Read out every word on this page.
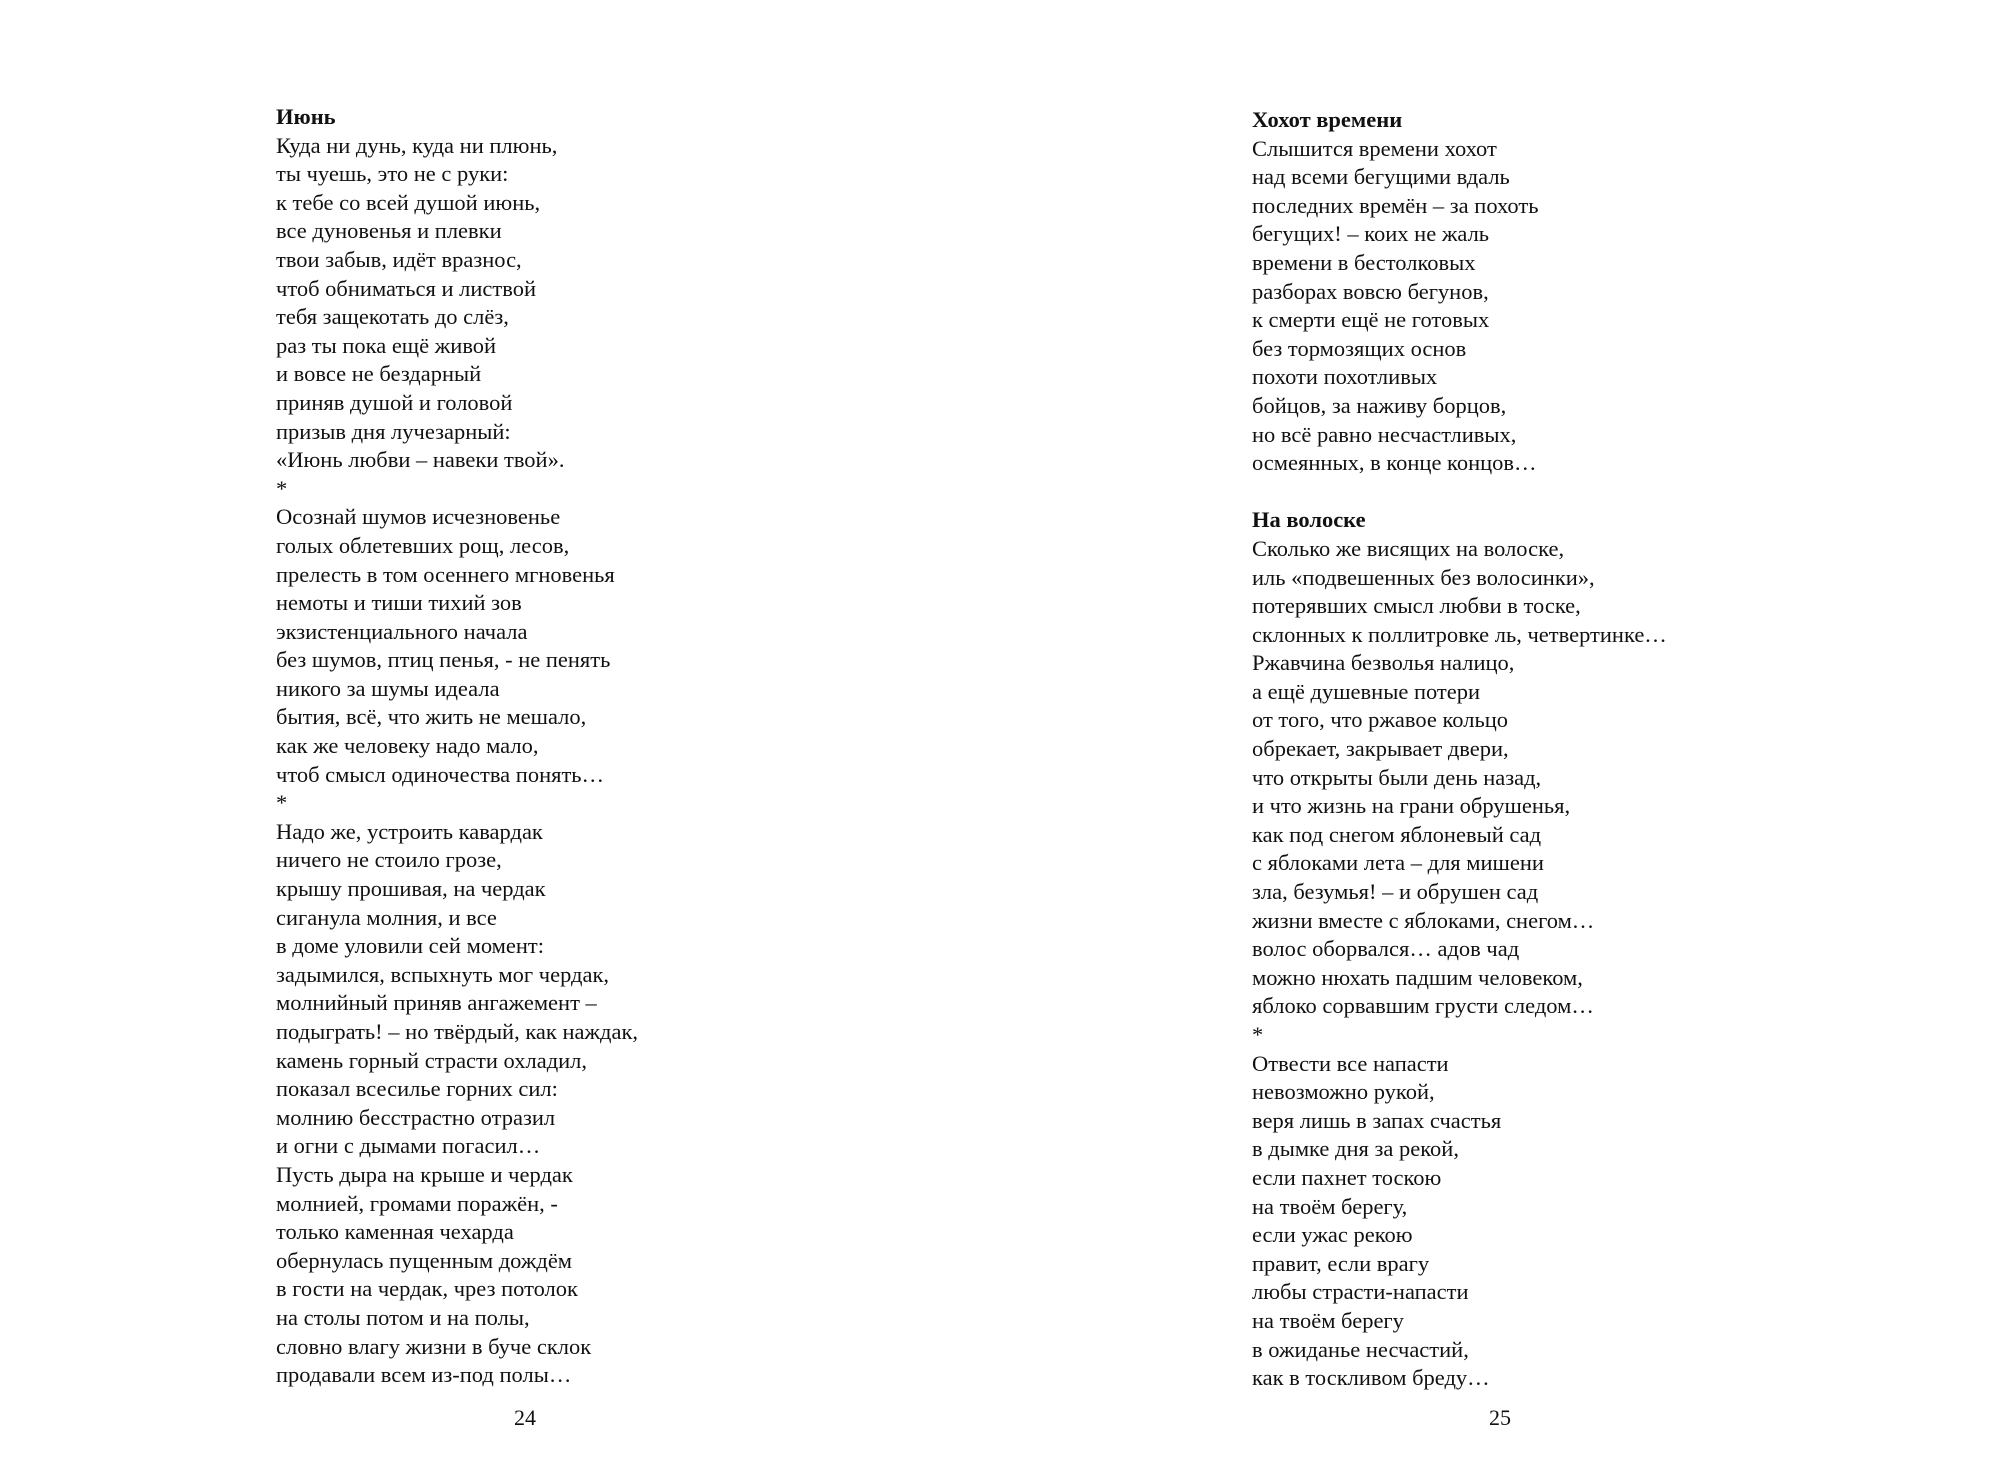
Июнь

Куда ни дунь, куда ни плюнь,
ты чуешь, это не с руки:
к тебе со всей душой июнь,
все дуновенья и плевки
твои забыв, идёт вразнос,
чтоб обниматься и листвой
тебя защекотать до слёз,
раз ты пока ещё живой
и вовсе не бездарный
приняв душой и головой
призыв дня лучезарный:
«Июнь любви – навеки твой».
*
Осознай шумов исчезновенье
голых облетевших рощ, лесов,
прелесть в том осеннего мгновенья
немоты и тиши тихий зов
экзистенциального начала
без шумов, птиц пенья, - не пенять
никого за шумы идеала
бытия, всё, что жить не мешало,
как же человеку надо мало,
чтоб смысл одиночества понять…
*
Надо же, устроить кавардак
ничего не стоило грозе,
крышу прошивая, на чердак
сиганула молния, и все
в доме уловили сей момент:
задымился, вспыхнуть мог чердак,
молнийный приняв ангажемент –
подыграть! – но твёрдый, как наждак,
камень горный страсти охладил,
показал всесилье горних сил:
молнию бесстрастно отразил
и огни с дымами погасил…
Пусть дыра на крыше и чердак
молнией, громами поражён, -
только каменная чехарда
обернулась пущенным дождём
в гости на чердак, чрез потолок
на столы потом и на полы,
словно влагу жизни в буче склок
продавали всем из-под полы…
24

Хохот времени

Слышится времени хохот
над всеми бегущими вдаль
последних времён – за похоть
бегущих! – коих не жаль
времени в бестолковых
разборах вовсю бегунов,
к смерти ещё не готовых
без тормозящих основ
похоти похотливых
бойцов, за наживу борцов,
но всё равно несчастливых,
осмеянных, в конце концов…

На волоске

Сколько же висящих на волоске,
иль «подвешенных без волосинки»,
потерявших смысл любви в тоске,
склонных к поллитровке ль, четвертинке…
Ржавчина безволья налицо,
а ещё душевные потери
от того, что ржавое кольцо
обрекает, закрывает двери,
что открыты были день назад,
и что жизнь на грани обрушенья,
как под снегом яблоневый сад
с яблоками лета – для мишени
зла, безумья! – и обрушен сад
жизни вместе с яблоками, снегом…
волос оборвался… адов чад
можно нюхать падшим человеком,
яблоко сорвавшим грусти следом…
*
Отвести все напасти
невозможно рукой,
веря лишь в запах счастья
в дымке дня за рекой,
если пахнет тоскою
на твоём берегу,
если ужас рекою
правит, если врагу
любы страсти-напасти
на твоём берегу
в ожиданье несчастий,
как в тоскливом бреду…
25
